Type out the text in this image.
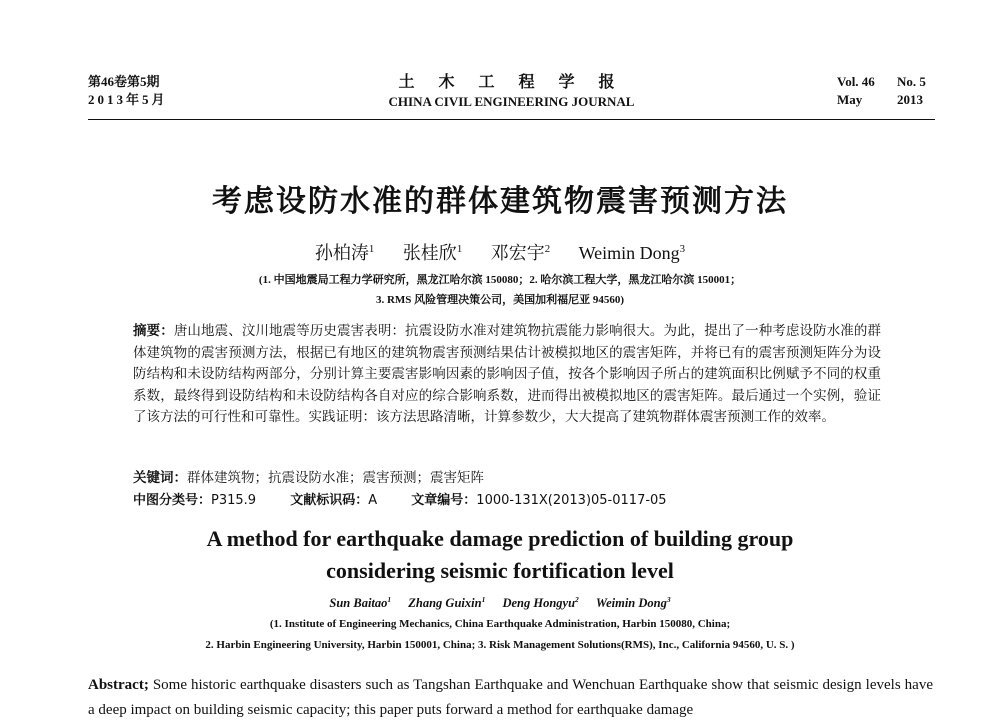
第46卷第5期
2013年5月
土 木 工 程 学 报
CHINA CIVIL ENGINEERING JOURNAL
Vol. 46 No. 5
May	2013
考虑设防水准的群体建筑物震害预测方法
孙柏涛$^1$ 张桂欣$^1$ 邓宏宇$^2$ Weimin Dong$^3$
(1. 中国地震局工程力学研究所，黑龙江哈尔滨 150080；2. 哈尔滨工程大学，黑龙江哈尔滨 150001；
3. RMS 风险管理决策公司，美国加利福尼亚 94560)
摘要：唐山地震、汶川地震等历史震害表明：抗震设防水准对建筑物抗震能力影响很大。为此，提出了一种考虑设防水准的群体建筑物的震害预测方法，根据已有地区的建筑物震害预测结果估计被模拟地区的震害矩阵，并将已有的震害预测矩阵分为设防结构和未设防结构两部分，分别计算主要震害影响因素的影响因子值，按各个影响因子所占的建筑面积比例赋予不同的权重系数，最终得到设防结构和未设防结构各自对应的综合影响系数，进而得出被模拟地区的震害矩阵。最后通过一个实例，验证了该方法的可行性和可靠性。实践证明：该方法思路清晰，计算参数少，大大提高了建筑物群体震害预测工作的效率。
关键词：群体建筑物；抗震设防水准；震害预测；震害矩阵
中图分类号：P315.9	文献标识码：A	文章编号：1000-131X(2013)05-0117-05
A method for earthquake damage prediction of building group
considering seismic fortification level
Sun Baitao$^1$ Zhang Guixin$^1$ Deng Hongyu$^2$ Weimin Dong$^3$
(1. Institute of Engineering Mechanics, China Earthquake Administration, Harbin 150080, China;
2. Harbin Engineering University, Harbin 150001, China; 3. Risk Management Solutions(RMS), Inc., California 94560, U. S. )
Abstract; Some historic earthquake disasters such as Tangshan Earthquake and Wenchuan Earthquake show that seismic design levels have a deep impact on building seismic capacity; this paper puts forward a method for earthquake damage
